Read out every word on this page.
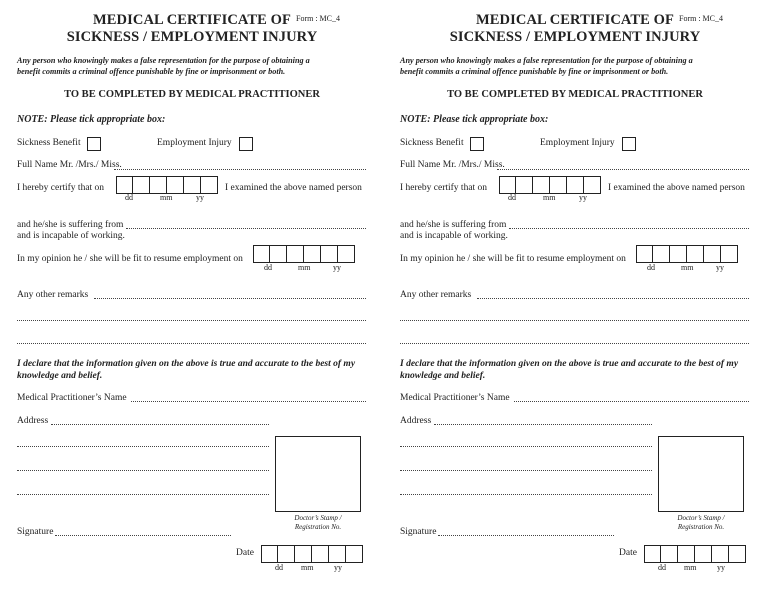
MEDICAL CERTIFICATE OF Form : MC_4
SICKNESS / EMPLOYMENT INJURY
Any person who knowingly makes a false representation for the purpose of obtaining a
benefit commits a criminal offence punishable by fine or imprisonment or both.
TO BE COMPLETED BY MEDICAL PRACTITIONER
NOTE: Please tick appropriate box:
Sickness Benefit	Employment Injury
Full Name Mr. /Mrs./ Miss.
I hereby certify that on
dd	mm	yy
I examined the above named person
and he/she is suffering from
and is incapable of working.
In my opinion he / she will be fit to resume employment on
dd	mm	yy
Any other remarks
I declare that the information given on the above is true and accurate to the best of my knowledge and belief.
Medical Practitioner’s Name
Address
Doctor’s Stamp /
Registration No.
Signature
Date
dd mm	yy
MEDICAL CERTIFICATE OF Form : MC_4
SICKNESS / EMPLOYMENT INJURY
Any person who knowingly makes a false representation for the purpose of obtaining a
benefit commits a criminal offence punishable by fine or imprisonment or both.
TO BE COMPLETED BY MEDICAL PRACTITIONER
NOTE: Please tick appropriate box:
Sickness Benefit	Employment Injury
Full Name Mr. /Mrs./ Miss.
I hereby certify that on
dd	mm	yy
I examined the above named person
and he/she is suffering from
and is incapable of working.
In my opinion he / she will be fit to resume employment on
dd	mm	yy
Any other remarks
I declare that the information given on the above is true and accurate to the best of my knowledge and belief.
Medical Practitioner’s Name
Address
Doctor’s Stamp /
Registration No.
Signature
Date
dd mm	yy
